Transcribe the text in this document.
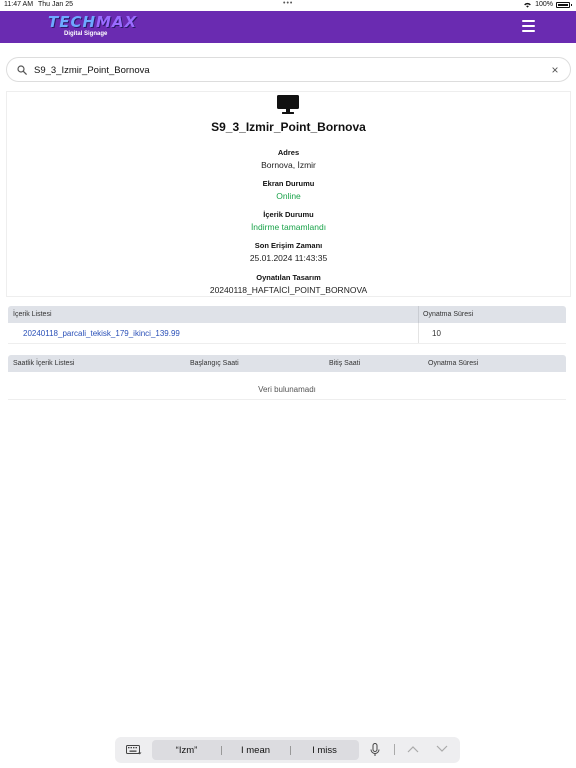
11:47 AM Thu Jan 25	•••	100%
TECHMAX
Digital Signage
S9_3_Izmir_Point_Bornova
×
S9_3_Izmir_Point_Bornova
Adres
Bornova, İzmir
Ekran Durumu
Online
İçerik Durumu
İndirme tamamlandı
Son Erişim Zamanı
25.01.2024 11:43:35
Oynatılan Tasarım
20240118_HAFTAİCİ_POINT_BORNOVA
İçerik Listesi	Oynatma Süresi
20240118_parcali_tekisk_179_ikinci_139.99	10
Saatlik İçerik Listesi	Başlangıç Saati	Bitiş Saati	Oynatma Süresi
Veri bulunamadı
“Izm”	I mean	I miss
